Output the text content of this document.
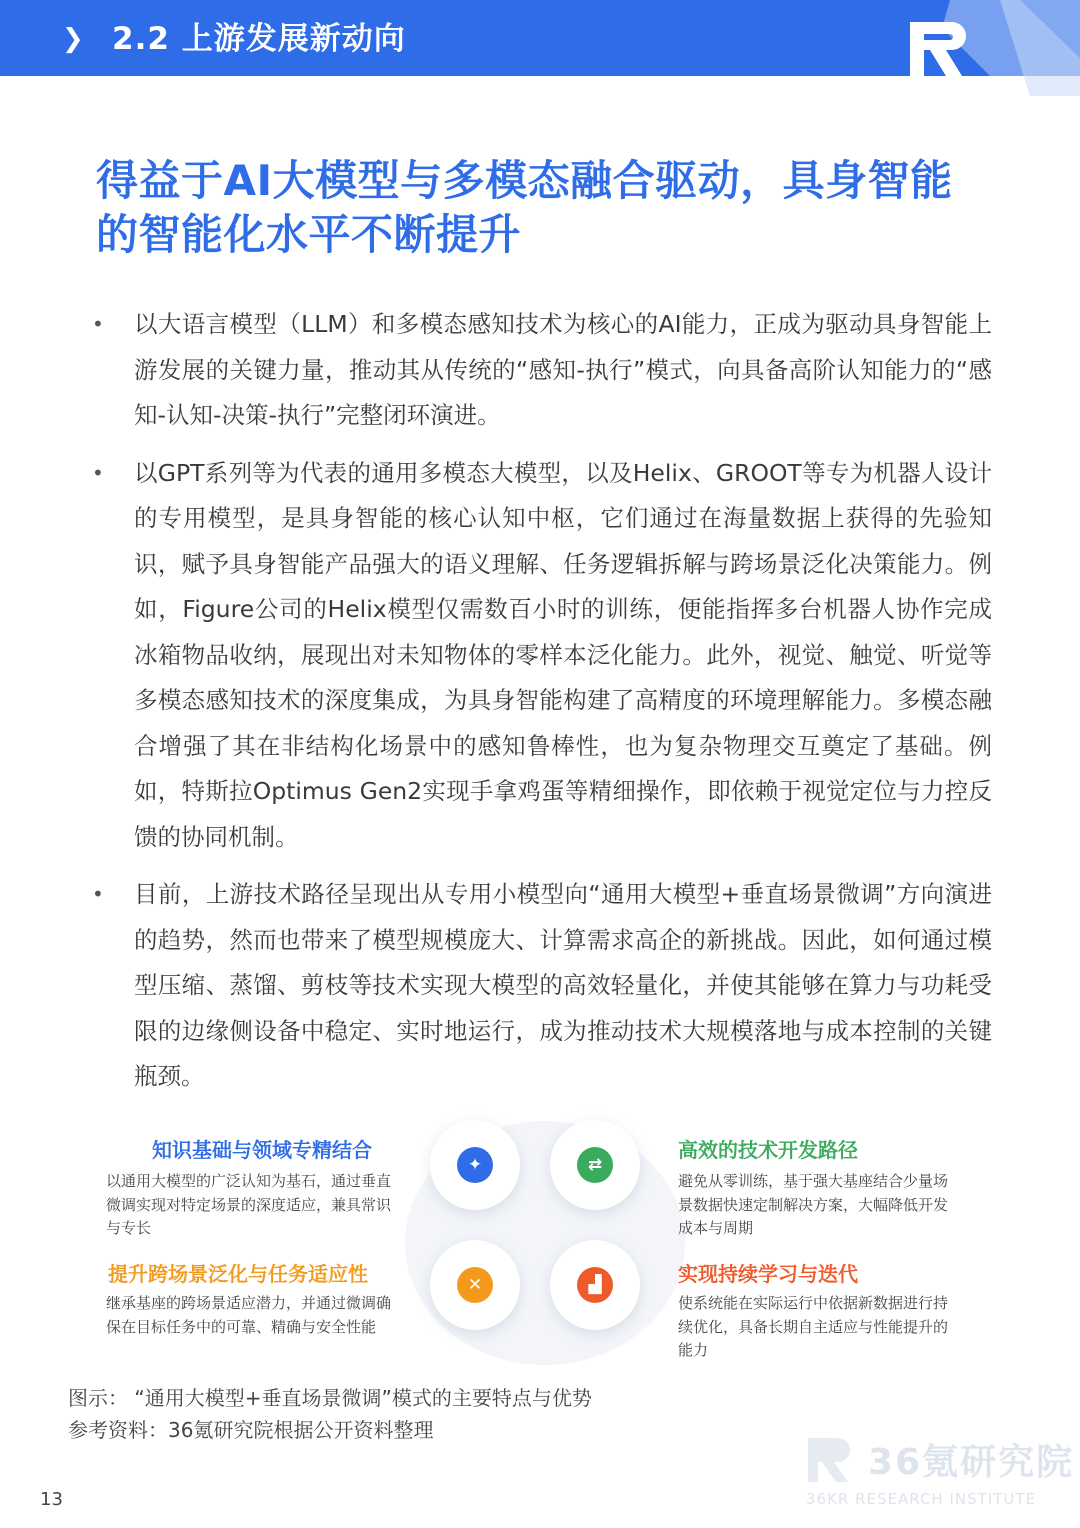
❯ 2.2 上游发展新动向
得益于AI大模型与多模态融合驱动，具身智能
的智能化水平不断提升
• 以大语言模型（LLM）和多模态感知技术为核心的AI能力，正成为驱动具身智能上游发展的关键力量，推动其从传统的“感知-执行”模式，向具备高阶认知能力的“感知-认知-决策-执行”完整闭环演进。
• 以GPT系列等为代表的通用多模态大模型，以及Helix、GROOT等专为机器人设计的专用模型，是具身智能的核心认知中枢，它们通过在海量数据上获得的先验知识，赋予具身智能产品强大的语义理解、任务逻辑拆解与跨场景泛化决策能力。例如，Figure公司的Helix模型仅需数百小时的训练，便能指挥多台机器人协作完成冰箱物品收纳，展现出对未知物体的零样本泛化能力。此外，视觉、触觉、听觉等多模态感知技术的深度集成，为具身智能构建了高精度的环境理解能力。多模态融合增强了其在非结构化场景中的感知鲁棒性，也为复杂物理交互奠定了基础。例如，特斯拉Optimus Gen2实现手拿鸡蛋等精细操作，即依赖于视觉定位与力控反馈的协同机制。
• 目前，上游技术路径呈现出从专用小模型向“通用大模型+垂直场景微调”方向演进的趋势，然而也带来了模型规模庞大、计算需求高企的新挑战。因此，如何通过模型压缩、蒸馏、剪枝等技术实现大模型的高效轻量化，并使其能够在算力与功耗受限的边缘侧设备中稳定、实时地运行，成为推动技术大规模落地与成本控制的关键瓶颈。
✦	⇄
✕	▟
知识基础与领域专精结合
以通用大模型的广泛认知为基石，通过垂直微调实现对特定场景的深度适应，兼具常识与专长
高效的技术开发路径
避免从零训练，基于强大基座结合少量场景数据快速定制解决方案，大幅降低开发成本与周期
提升跨场景泛化与任务适应性
继承基座的跨场景适应潜力，并通过微调确保在目标任务中的可靠、精确与安全性能
实现持续学习与迭代
使系统能在实际运行中依据新数据进行持续优化，具备长期自主适应与性能提升的能力
图示： “通用大模型+垂直场景微调”模式的主要特点与优势
参考资料：36氪研究院根据公开资料整理
13
36氪研究院
36KR RESEARCH INSTITUTE
